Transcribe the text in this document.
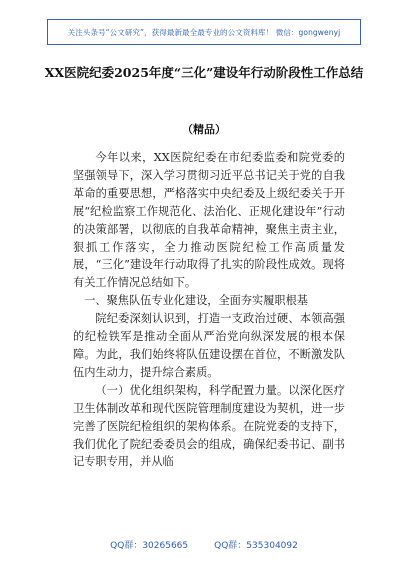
关注头条号“公文研究”，获得最新最全最专业的公文资料库！ 微信：gongwenyj
XX医院纪委2025年度“三化”建设年行动阶段性工作总结
（精品）

今年以来，XX医院纪委在市纪委监委和院党委的坚强领导下，深入学习贯彻习近平总书记关于党的自我革命的重要思想，严格落实中央纪委及上级纪委关于开展“纪检监察工作规范化、法治化、正规化建设年”行动的决策部署，以彻底的自我革命精神，聚焦主责主业，狠抓工作落实，全力推动医院纪检工作高质量发展，“三化”建设年行动取得了扎实的阶段性成效。现将有关工作情况总结如下。

一、聚焦队伍专业化建设，全面夯实履职根基

院纪委深刻认识到，打造一支政治过硬、本领高强的纪检铁军是推动全面从严治党向纵深发展的根本保障。为此，我们始终将队伍建设摆在首位，不断激发队伍内生动力，提升综合素质。

（一）优化组织架构，科学配置力量。以深化医疗卫生体制改革和现代医院管理制度建设为契机，进一步完善了医院纪检组织的架构体系。在院党委的支持下，我们优化了院纪委委员会的组成，确保纪委书记、副书记专职专用，并从临

QQ群：30265665	QQ群：535304092
